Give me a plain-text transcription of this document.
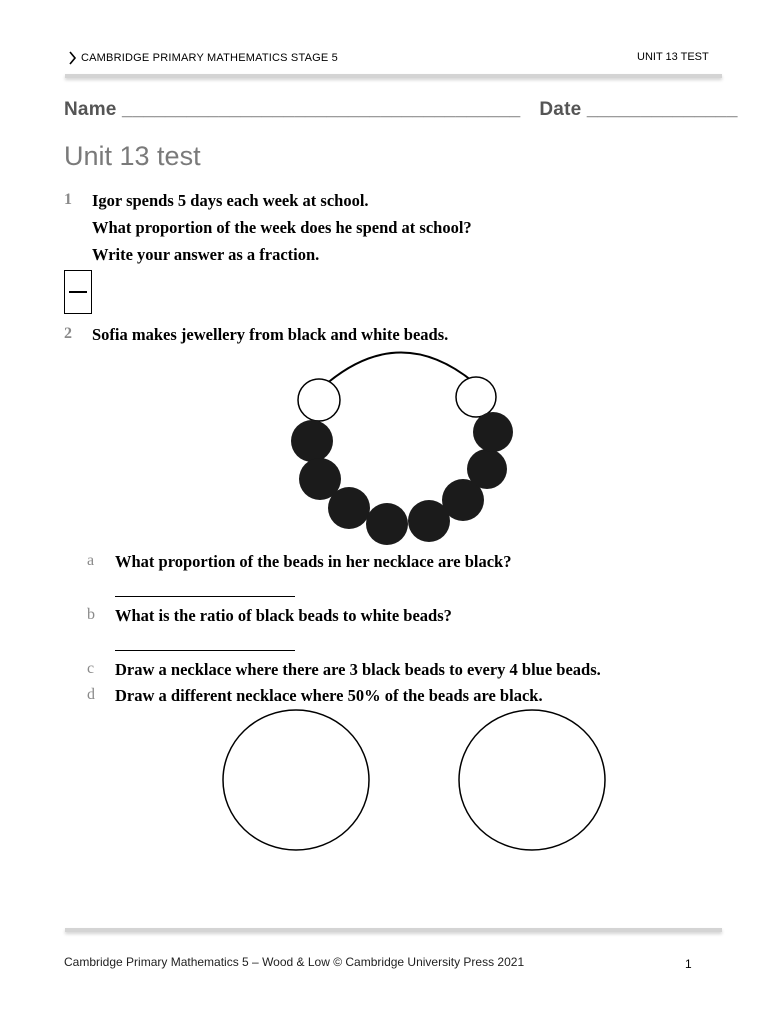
CAMBRIDGE PRIMARY MATHEMATICS STAGE 5	UNIT 13 TEST
Name _____________________________________ Date ______________
Unit 13 test
1 Igor spends 5 days each week at school.
What proportion of the week does he spend at school?
Write your answer as a fraction.
2 Sofia makes jewellery from black and white beads.
a What proportion of the beads in her necklace are black?
b What is the ratio of black beads to white beads?
c Draw a necklace where there are 3 black beads to every 4 blue beads.
d Draw a different necklace where 50% of the beads are black.
Cambridge Primary Mathematics 5 – Wood & Low © Cambridge University Press 2021	1
